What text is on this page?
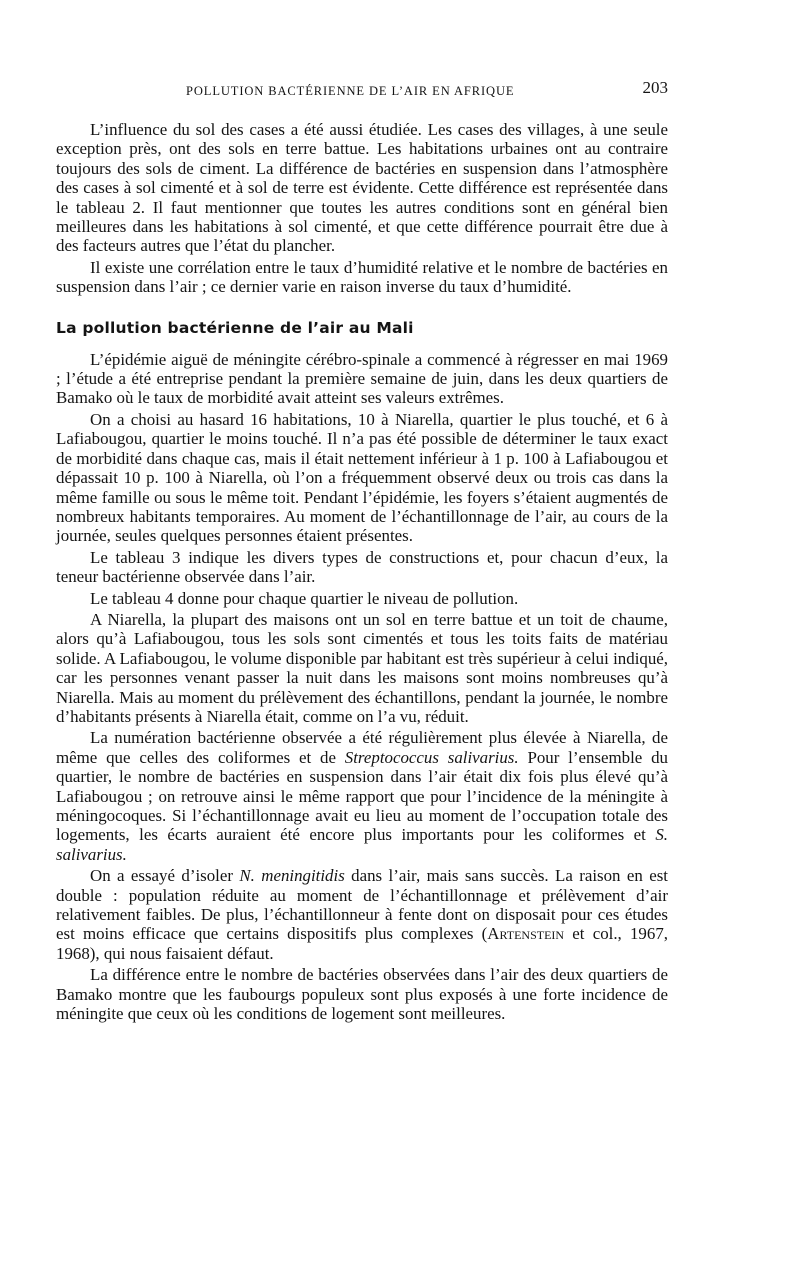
POLLUTION BACTÉRIENNE DE L’AIR EN AFRIQUE	203

L’influence du sol des cases a été aussi étudiée. Les cases des villages, à une seule exception près, ont des sols en terre battue. Les habitations urbaines ont au contraire toujours des sols de ciment. La différence de bactéries en suspension dans l’atmosphère des cases à sol cimenté et à sol de terre est évidente. Cette différence est représentée dans le tableau 2. Il faut mentionner que toutes les autres conditions sont en général bien meilleures dans les habitations à sol cimenté, et que cette différence pourrait être due à des facteurs autres que l’état du plancher.

Il existe une corrélation entre le taux d’humidité relative et le nombre de bactéries en suspension dans l’air ; ce dernier varie en raison inverse du taux d’humidité.

La pollution bactérienne de l’air au Mali

L’épidémie aiguë de méningite cérébro-spinale a commencé à régresser en mai 1969 ; l’étude a été entreprise pendant la première semaine de juin, dans les deux quartiers de Bamako où le taux de morbidité avait atteint ses valeurs extrêmes.

On a choisi au hasard 16 habitations, 10 à Niarella, quartier le plus touché, et 6 à Lafiabougou, quartier le moins touché. Il n’a pas été possible de déterminer le taux exact de morbidité dans chaque cas, mais il était nettement inférieur à 1 p. 100 à Lafiabougou et dépassait 10 p. 100 à Niarella, où l’on a fréquemment observé deux ou trois cas dans la même famille ou sous le même toit. Pendant l’épidémie, les foyers s’étaient augmentés de nombreux habitants temporaires. Au moment de l’échantillonnage de l’air, au cours de la journée, seules quelques personnes étaient présentes.

Le tableau 3 indique les divers types de constructions et, pour chacun d’eux, la teneur bactérienne observée dans l’air.

Le tableau 4 donne pour chaque quartier le niveau de pollution.

A Niarella, la plupart des maisons ont un sol en terre battue et un toit de chaume, alors qu’à Lafiabougou, tous les sols sont cimentés et tous les toits faits de matériau solide. A Lafiabougou, le volume disponible par habitant est très supérieur à celui indiqué, car les personnes venant passer la nuit dans les maisons sont moins nombreuses qu’à Niarella. Mais au moment du prélèvement des échantillons, pendant la journée, le nombre d’habitants présents à Niarella était, comme on l’a vu, réduit.

La numération bactérienne observée a été régulièrement plus élevée à Niarella, de même que celles des coliformes et de Streptococcus salivarius. Pour l’ensemble du quartier, le nombre de bactéries en suspension dans l’air était dix fois plus élevé qu’à Lafiabougou ; on retrouve ainsi le même rapport que pour l’incidence de la méningite à méningocoques. Si l’échantillonnage avait eu lieu au moment de l’occupation totale des logements, les écarts auraient été encore plus importants pour les coliformes et S. salivarius.

On a essayé d’isoler N. meningitidis dans l’air, mais sans succès. La raison en est double : population réduite au moment de l’échantillonnage et prélèvement d’air relativement faibles. De plus, l’échantillonneur à fente dont on disposait pour ces études est moins efficace que certains dispositifs plus complexes (Artenstein et col., 1967, 1968), qui nous faisaient défaut.

La différence entre le nombre de bactéries observées dans l’air des deux quartiers de Bamako montre que les faubourgs populeux sont plus exposés à une forte incidence de méningite que ceux où les conditions de logement sont meilleures.
